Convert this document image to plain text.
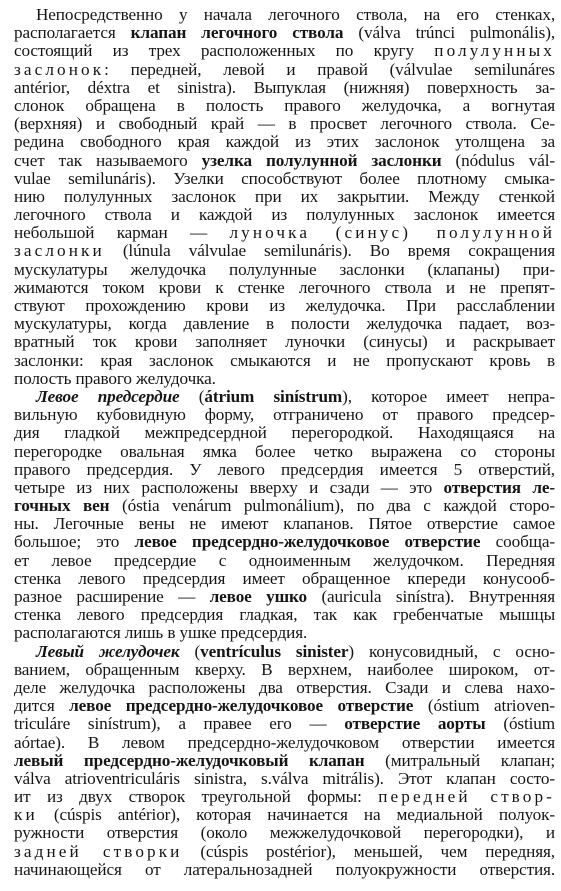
Непосредственно у начала легочного ствола, на его стенках,
располагается клапан легочного ствола (válva trúnci pulmonális),
состоящий из трех расположенных по кругу полулунных
заслонок: передней, левой и правой (válvulae semilunáres
antérior, déxtra et sinistra). Выпуклая (нижняя) поверхность за-
слонок обращена в полость правого желудочка, а вогнутая
(верхняя) и свободный край — в просвет легочного ствола. Се-
редина свободного края каждой из этих заслонок утолщена за
счет так называемого узелка полулунной заслонки (nódulus vál-
vulae semilunáris). Узелки способствуют более плотному смыка-
нию полулунных заслонок при их закрытии. Между стенкой
легочного ствола и каждой из полулунных заслонок имеется
небольшой карман — луночка (синус) полулунной
заслонки (lúnula válvulae semilunáris). Во время сокращения
мускулатуры желудочка полулунные заслонки (клапаны) при-
жимаются током крови к стенке легочного ствола и не препят-
ствуют прохождению крови из желудочка. При расслаблении
мускулатуры, когда давление в полости желудочка падает, воз-
вратный ток крови заполняет луночки (синусы) и раскрывает
заслонки: края заслонок смыкаются и не пропускают кровь в
полость правого желудочка.
Левое предсердие (átrium sinístrum), которое имеет непра-
вильную кубовидную форму, отграничено от правого предсер-
дия гладкой межпредсердной перегородкой. Находящаяся на
перегородке овальная ямка более четко выражена со стороны
правого предсердия. У левого предсердия имеется 5 отверстий,
четыре из них расположены вверху и сзади — это отверстия ле-
гочных вен (óstia venárum pulmonálium), по два с каждой сторо-
ны. Легочные вены не имеют клапанов. Пятое отверстие самое
большое; это левое предсердно-желудочковое отверстие сообща-
ет левое предсердие с одноименным желудочком. Передняя
стенка левого предсердия имеет обращенное кпереди конусооб-
разное расширение — левое ушко (auricula sinístra). Внутренняя
стенка левого предсердия гладкая, так как гребенчатые мышцы
располагаются лишь в ушке предсердия.
Левый желудочек (ventrículus sinister) конусовидный, с осно-
ванием, обращенным кверху. В верхнем, наиболее широком, от-
деле желудочка расположены два отверстия. Сзади и слева нахо-
дится левое предсердно-желудочковое отверстие (óstium atrioven-
triculáre sinístrum), а правее его — отверстие аорты (óstium
aórtae). В левом предсердно-желудочковом отверстии имеется
левый предсердно-желудочковый клапан (митральный клапан;
válva atrioventriculáris sinistra, s.válva mitrális). Этот клапан состо-
ит из двух створок треугольной формы: передней створ-
ки (cúspis antérior), которая начинается на медиальной полуок-
ружности отверстия (около межжелудочковой перегородки), и
задней створки (cúspis postérior), меньшей, чем передняя,
начинающейся от латеральнозадней полуокружности отверстия.
